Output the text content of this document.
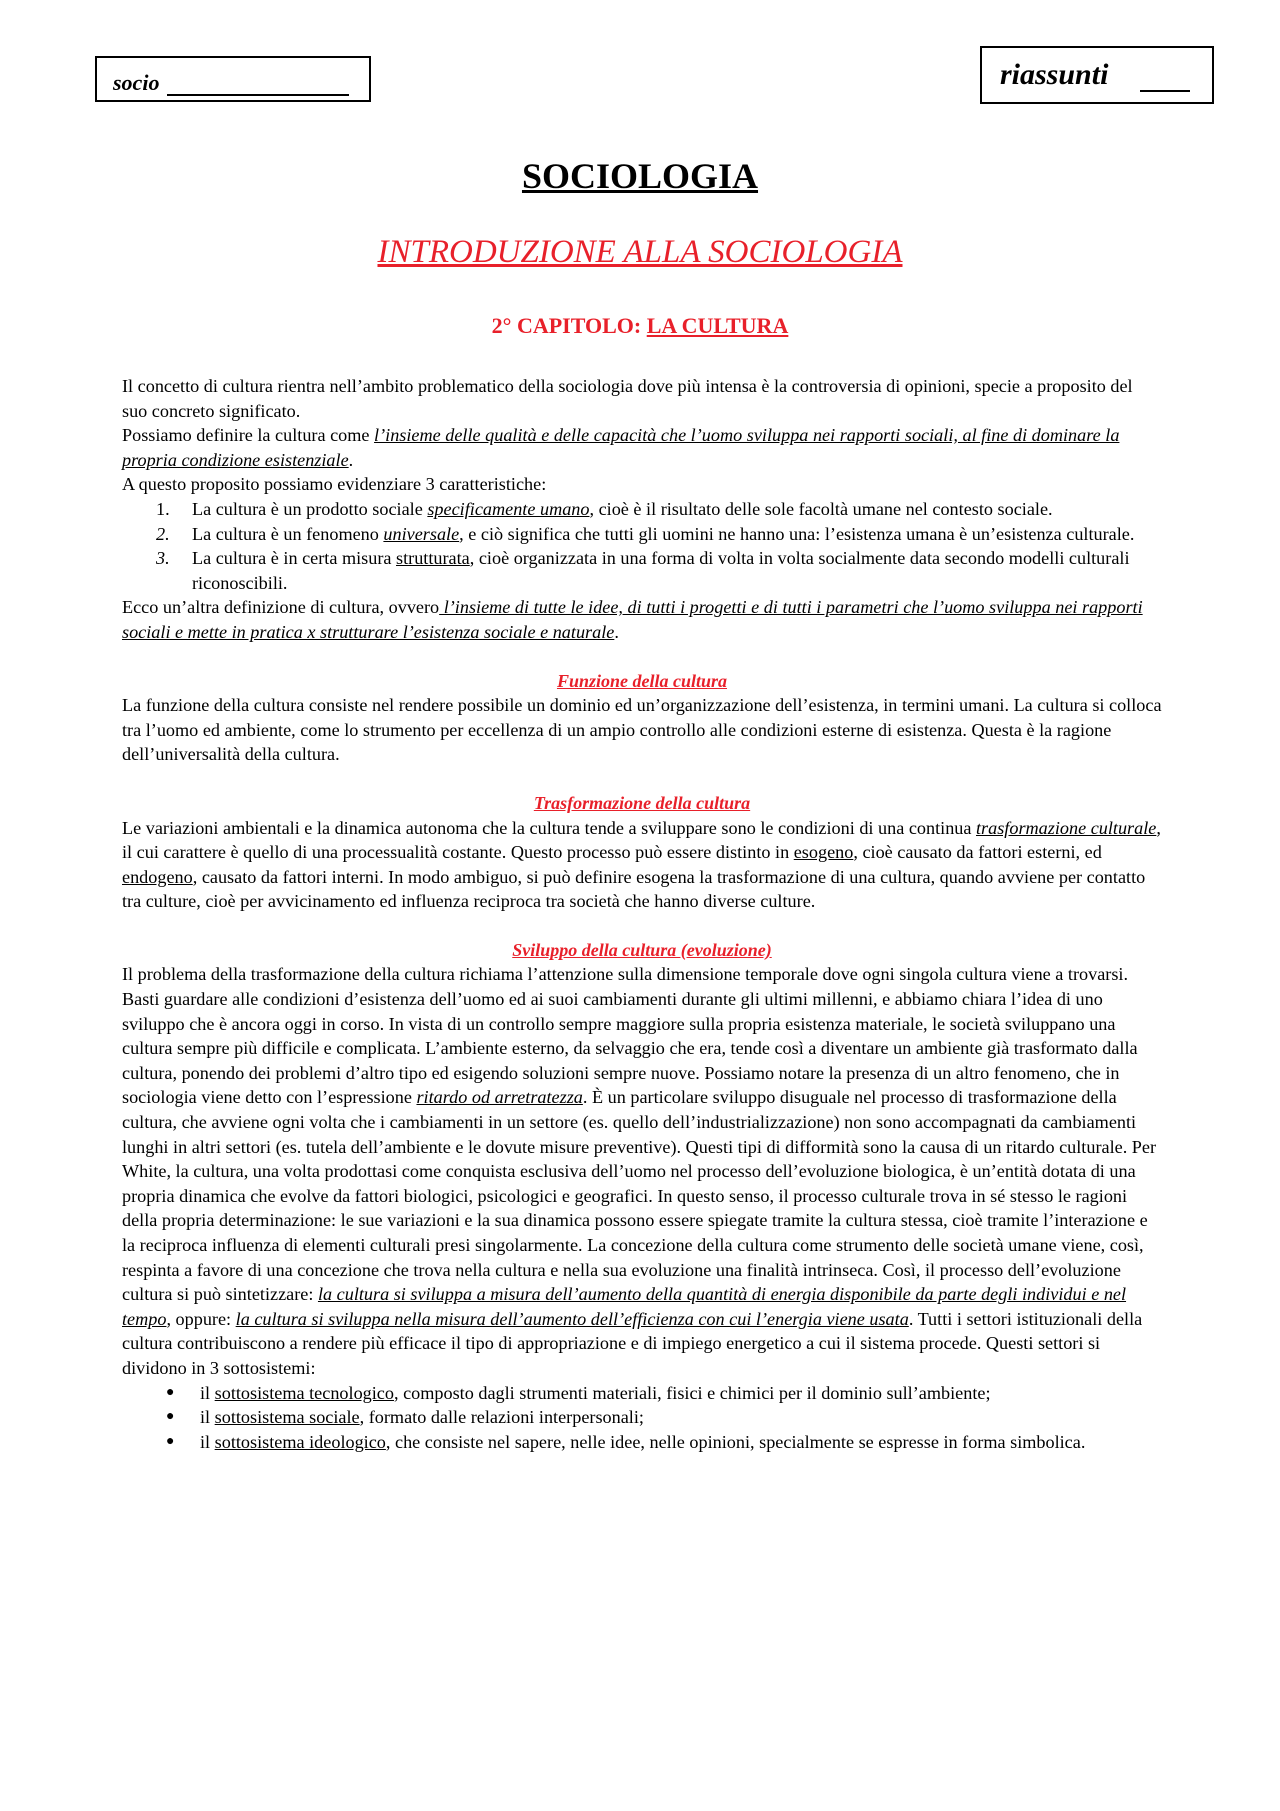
socio	riassunti
SOCIOLOGIA
INTRODUZIONE ALLA SOCIOLOGIA
2° CAPITOLO: LA CULTURA

Il concetto di cultura rientra nell’ambito problematico della sociologia dove più intensa è la controversia di opinioni, specie a proposito del suo concreto significato.

Possiamo definire la cultura come l’insieme delle qualità e delle capacità che l’uomo sviluppa nei rapporti sociali, al fine di dominare la propria condizione esistenziale.

A questo proposito possiamo evidenziare 3 caratteristiche:

1. La cultura è un prodotto sociale specificamente umano, cioè è il risultato delle sole facoltà umane nel contesto sociale.
2. La cultura è un fenomeno universale, e ciò significa che tutti gli uomini ne hanno una: l’esistenza umana è un’esistenza culturale.
3. La cultura è in certa misura strutturata, cioè organizzata in una forma di volta in volta socialmente data secondo modelli culturali riconoscibili.

Ecco un’altra definizione di cultura, ovvero l’insieme di tutte le idee, di tutti i progetti e di tutti i parametri che l’uomo sviluppa nei rapporti sociali e mette in pratica x strutturare l’esistenza sociale e naturale.

Funzione della cultura

La funzione della cultura consiste nel rendere possibile un dominio ed un’organizzazione dell’esistenza, in termini umani. La cultura si colloca tra l’uomo ed ambiente, come lo strumento per eccellenza di un ampio controllo alle condizioni esterne di esistenza. Questa è la ragione dell’universalità della cultura.

Trasformazione della cultura

Le variazioni ambientali e la dinamica autonoma che la cultura tende a sviluppare sono le condizioni di una continua trasformazione culturale, il cui carattere è quello di una processualità costante. Questo processo può essere distinto in esogeno, cioè causato da fattori esterni, ed endogeno, causato da fattori interni. In modo ambiguo, si può definire esogena la trasformazione di una cultura, quando avviene per contatto tra culture, cioè per avvicinamento ed influenza reciproca tra società che hanno diverse culture.

Sviluppo della cultura (evoluzione)

Il problema della trasformazione della cultura richiama l’attenzione sulla dimensione temporale dove ogni singola cultura viene a trovarsi. Basti guardare alle condizioni d’esistenza dell’uomo ed ai suoi cambiamenti durante gli ultimi millenni, e abbiamo chiara l’idea di uno sviluppo che è ancora oggi in corso. In vista di un controllo sempre maggiore sulla propria esistenza materiale, le società sviluppano una cultura sempre più difficile e complicata. L’ambiente esterno, da selvaggio che era, tende così a diventare un ambiente già trasformato dalla cultura, ponendo dei problemi d’altro tipo ed esigendo soluzioni sempre nuove. Possiamo notare la presenza di un altro fenomeno, che in sociologia viene detto con l’espressione ritardo od arretratezza. È un particolare sviluppo disuguale nel processo di trasformazione della cultura, che avviene ogni volta che i cambiamenti in un settore (es. quello dell’industrializzazione) non sono accompagnati da cambiamenti lunghi in altri settori (es. tutela dell’ambiente e le dovute misure preventive). Questi tipi di difformità sono la causa di un ritardo culturale. Per White, la cultura, una volta prodottasi come conquista esclusiva dell’uomo nel processo dell’evoluzione biologica, è un’entità dotata di una propria dinamica che evolve da fattori biologici, psicologici e geografici. In questo senso, il processo culturale trova in sé stesso le ragioni della propria determinazione: le sue variazioni e la sua dinamica possono essere spiegate tramite la cultura stessa, cioè tramite l’interazione e la reciproca influenza di elementi culturali presi singolarmente. La concezione della cultura come strumento delle società umane viene, così, respinta a favore di una concezione che trova nella cultura e nella sua evoluzione una finalità intrinseca. Così, il processo dell’evoluzione cultura si può sintetizzare: la cultura si sviluppa a misura dell’aumento della quantità di energia disponibile da parte degli individui e nel tempo, oppure: la cultura si sviluppa nella misura dell’aumento dell’efficienza con cui l’energia viene usata. Tutti i settori istituzionali della cultura contribuiscono a rendere più efficace il tipo di appropriazione e di impiego energetico a cui il sistema procede. Questi settori si dividono in 3 sottosistemi:

● il sottosistema tecnologico, composto dagli strumenti materiali, fisici e chimici per il dominio sull’ambiente;
● il sottosistema sociale, formato dalle relazioni interpersonali;
● il sottosistema ideologico, che consiste nel sapere, nelle idee, nelle opinioni, specialmente se espresse in forma simbolica.
